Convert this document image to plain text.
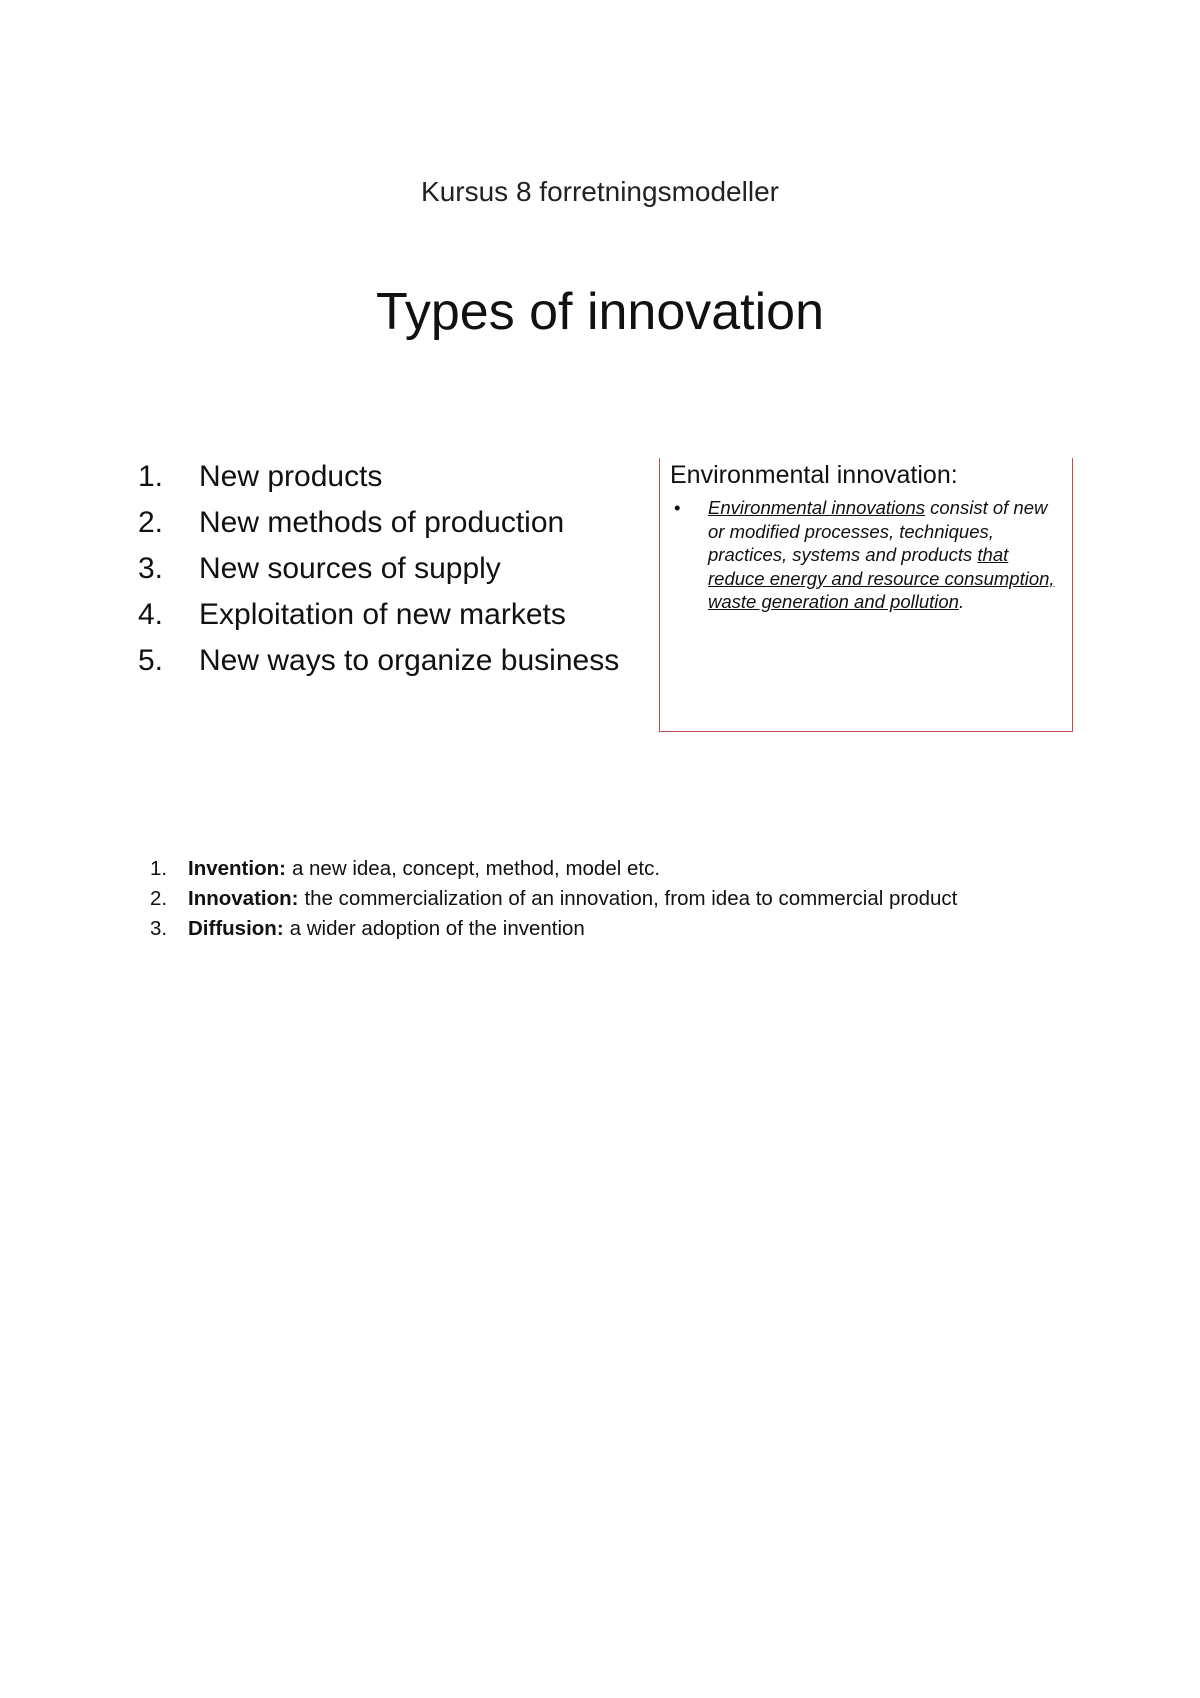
Kursus 8 forretningsmodeller
Types of innovation
1.	New products
2.	New methods of production
3.	New sources of supply
4.	Exploitation of new markets
5.	New ways to organize business
Environmental innovation:
•	Environmental innovations consist of new or modified processes, techniques, practices, systems and products that reduce energy and resource consumption, waste generation and pollution.
1.	Invention: a new idea, concept, method, model etc.
2.	Innovation: the commercialization of an innovation, from idea to commercial product
3.	Diffusion: a wider adoption of the invention
